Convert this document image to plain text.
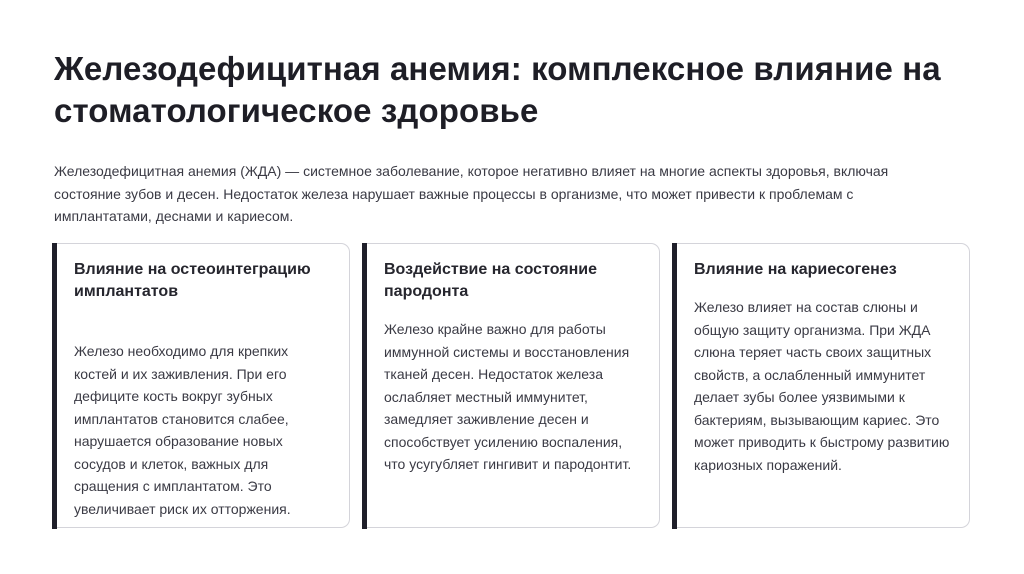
Железодефицитная анемия: комплексное влияние на стоматологическое здоровье

Железодефицитная анемия (ЖДА) — системное заболевание, которое негативно влияет на многие аспекты здоровья, включая состояние зубов и десен. Недостаток железа нарушает важные процессы в организме, что может привести к проблемам с имплантатами, деснами и кариесом.

Влияние на остеоинтеграцию имплантатов

Железо необходимо для крепких костей и их заживления. При его дефиците кость вокруг зубных имплантатов становится слабее, нарушается образование новых сосудов и клеток, важных для сращения с имплантатом. Это увеличивает риск их отторжения.

Воздействие на состояние пародонта

Железо крайне важно для работы иммунной системы и восстановления тканей десен. Недостаток железа ослабляет местный иммунитет, замедляет заживление десен и способствует усилению воспаления, что усугубляет гингивит и пародонтит.

Влияние на кариесогенез

Железо влияет на состав слюны и общую защиту организма. При ЖДА слюна теряет часть своих защитных свойств, а ослабленный иммунитет делает зубы более уязвимыми к бактериям, вызывающим кариес. Это может приводить к быстрому развитию кариозных поражений.
